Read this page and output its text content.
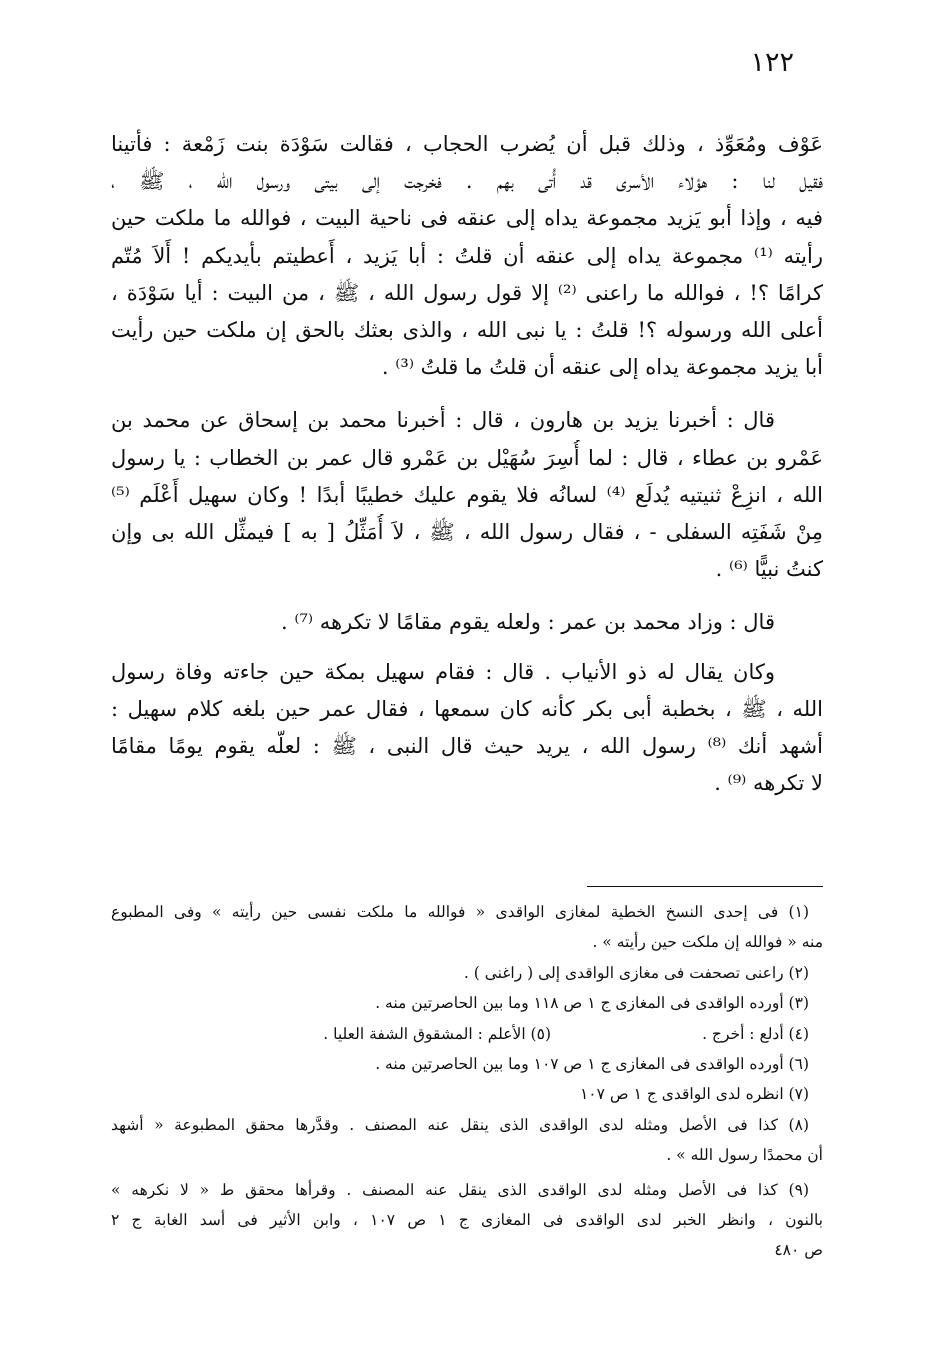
١٢٢
عَوْف ومُعَوِّذ ، وذلك قبل أن يُضرب الحجاب ، فقالت سَوْدَة بنت زَمْعة : فأتينا
فقيل لنا : هؤلاء الأسرى قد أُتى بهم . فخرجت إلى بيتى ورسول الله ، ﷺ ،
فيه ، وإذا أبو يَزيد مجموعة يداه إلى عنقه فى ناحية البيت ، فوالله ما ملكت حين
رأيته ⁽¹⁾ مجموعة يداه إلى عنقه أن قلتُ : أبا يَزيد ، أَعطيتم بأيديكم ! أَلاَ مُتّم
كرامًا ؟! ، فوالله ما راعنى ⁽²⁾ إلا قول رسول الله ، ﷺ ، من البيت : أيا سَوْدَة ،
أعلى الله ورسوله ؟! قلتُ : يا نبى الله ، والذى بعثك بالحق إن ملكت حين رأيت
أبا يزيد مجموعة يداه إلى عنقه أن قلتُ ما قلتُ ⁽³⁾ .
قال : أخبرنا يزيد بن هارون ، قال : أخبرنا محمد بن إسحاق عن محمد بن
عَمْرو بن عطاء ، قال : لما أُسِرَ سُهَيْل بن عَمْرو قال عمر بن الخطاب : يا رسول
الله ، انزِعْ ثنيتيه يُدلَع ⁽⁴⁾ لسانُه فلا يقوم عليك خطيبًا أبدًا ! وكان سهيل أَعْلَم ⁽⁵⁾
مِنْ شَفَتِه السفلى - ، فقال رسول الله ، ﷺ ، لاَ أُمَثِّلُ [ به ] فيمثِّل الله بى وإن
كنتُ نبيًّا ⁽⁶⁾ .
قال : وزاد محمد بن عمر : ولعله يقوم مقامًا لا تكرهه ⁽⁷⁾ .
وكان يقال له ذو الأنياب . قال : فقام سهيل بمكة حين جاءته وفاة رسول
الله ، ﷺ ، بخطبة أبى بكر كأنه كان سمعها ، فقال عمر حين بلغه كلام سهيل :
أشهد أنك ⁽⁸⁾ رسول الله ، يريد حيث قال النبى ، ﷺ : لعلّه يقوم يومًا مقامًا
لا تكرهه ⁽⁹⁾ .
(١) فى إحدى النسخ الخطية لمغازى الواقدى « فوالله ما ملكت نفسى حين رأيته » وفى المطبوع
منه « فوالله إن ملكت حين رأيته » .
(٢) راعنى تصحفت فى مغازى الواقدى إلى ( راغنى ) .
(٣) أورده الواقدى فى المغازى ج ١ ص ١١٨ وما بين الحاصرتين منه .
(٤) أدلع : أخرج .
(٥) الأعلم : المشقوق الشفة العليا .
(٦) أورده الواقدى فى المغازى ج ١ ص ١٠٧ وما بين الحاصرتين منه .
(٧) انظره لدى الواقدى ج ١ ص ١٠٧
(٨) كذا فى الأصل ومثله لدى الواقدى الذى ينقل عنه المصنف . وقدَّرها محقق المطبوعة « أشهد
أن محمدًا رسول الله » .
(٩) كذا فى الأصل ومثله لدى الواقدى الذى ينقل عنه المصنف . وقرأها محقق ط « لا نكرهه »
بالنون ، وانظر الخبر لدى الواقدى فى المغازى ج ١ ص ١٠٧ ، وابن الأثير فى أسد الغابة ج ٢
ص ٤٨٠
